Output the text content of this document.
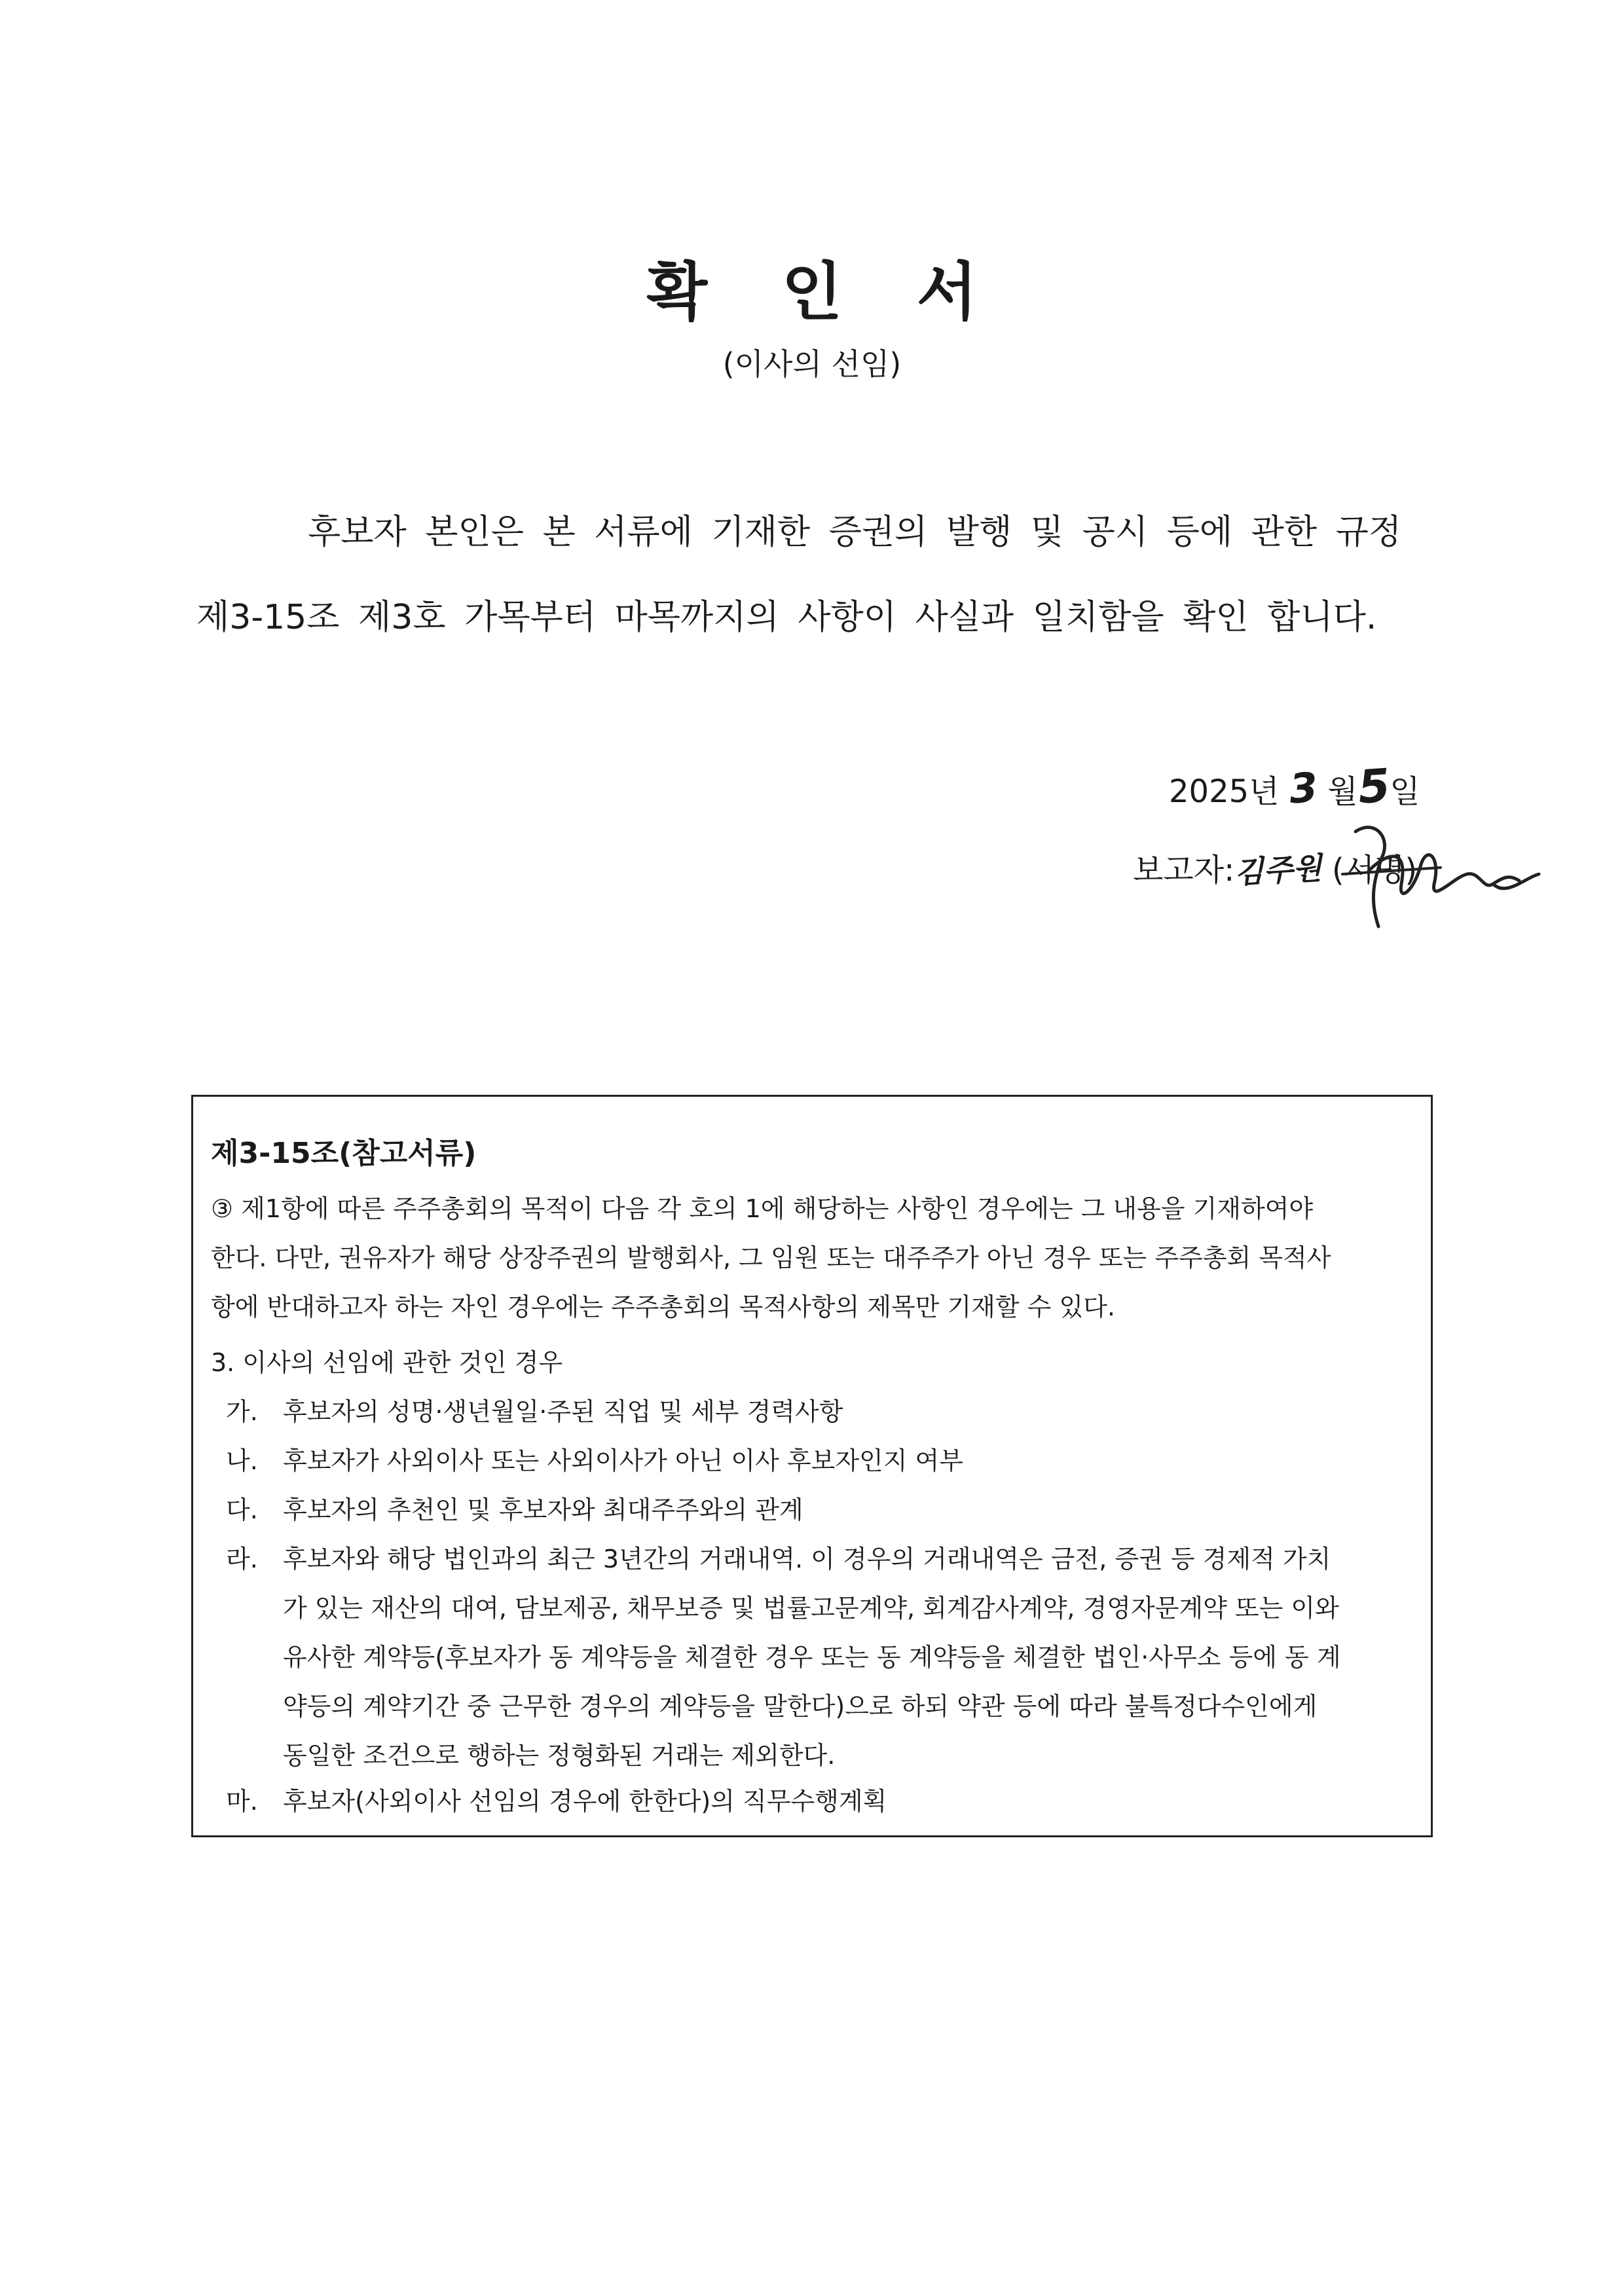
확 인 서
(이사의 선임)
후보자 본인은 본 서류에 기재한 증권의 발행 및 공시 등에 관한 규정
제3-15조 제3호 가목부터 마목까지의 사항이 사실과 일치함을 확인 합니다.
2025년 3 월5일
보고자:김주원 (서명)
제3-15조(참고서류)
③ 제1항에 따른 주주총회의 목적이 다음 각 호의 1에 해당하는 사항인 경우에는 그 내용을 기재하여야
한다. 다만, 권유자가 해당 상장주권의 발행회사, 그 임원 또는 대주주가 아닌 경우 또는 주주총회 목적사
항에 반대하고자 하는 자인 경우에는 주주총회의 목적사항의 제목만 기재할 수 있다.
3. 이사의 선임에 관한 것인 경우
가. 후보자의 성명·생년월일·주된 직업 및 세부 경력사항
나. 후보자가 사외이사 또는 사외이사가 아닌 이사 후보자인지 여부
다. 후보자의 추천인 및 후보자와 최대주주와의 관계
라. 후보자와 해당 법인과의 최근 3년간의 거래내역. 이 경우의 거래내역은 금전, 증권 등 경제적 가치
가 있는 재산의 대여, 담보제공, 채무보증 및 법률고문계약, 회계감사계약, 경영자문계약 또는 이와
유사한 계약등(후보자가 동 계약등을 체결한 경우 또는 동 계약등을 체결한 법인·사무소 등에 동 계
약등의 계약기간 중 근무한 경우의 계약등을 말한다)으로 하되 약관 등에 따라 불특정다수인에게
동일한 조건으로 행하는 정형화된 거래는 제외한다.
마. 후보자(사외이사 선임의 경우에 한한다)의 직무수행계획
